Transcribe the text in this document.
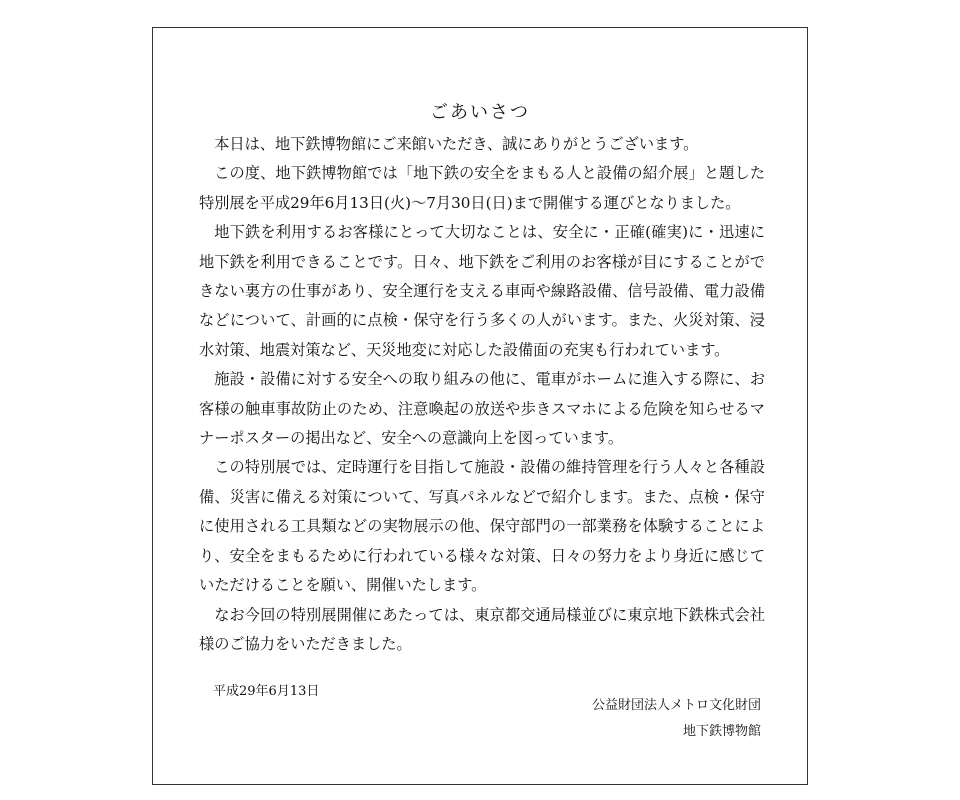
ごあいさつ

本日は、地下鉄博物館にご来館いただき、誠にありがとうございます。

この度、地下鉄博物館では「地下鉄の安全をまもる人と設備の紹介展」と題した特別展を平成29年6月13日(火)～7月30日(日)まで開催する運びとなりました。

地下鉄を利用するお客様にとって大切なことは、安全に・正確(確実)に・迅速に地下鉄を利用できることです。日々、地下鉄をご利用のお客様が目にすることができない裏方の仕事があり、安全運行を支える車両や線路設備、信号設備、電力設備などについて、計画的に点検・保守を行う多くの人がいます。また、火災対策、浸水対策、地震対策など、天災地変に対応した設備面の充実も行われています。

施設・設備に対する安全への取り組みの他に、電車がホームに進入する際に、お客様の触車事故防止のため、注意喚起の放送や歩きスマホによる危険を知らせるマナーポスターの掲出など、安全への意識向上を図っています。

この特別展では、定時運行を目指して施設・設備の維持管理を行う人々と各種設備、災害に備える対策について、写真パネルなどで紹介します。また、点検・保守に使用される工具類などの実物展示の他、保守部門の一部業務を体験することにより、安全をまもるために行われている様々な対策、日々の努力をより身近に感じていただけることを願い、開催いたします。

なお今回の特別展開催にあたっては、東京都交通局様並びに東京地下鉄株式会社様のご協力をいただきました。

平成29年6月13日

公益財団法人メトロ文化財団

地下鉄博物館
